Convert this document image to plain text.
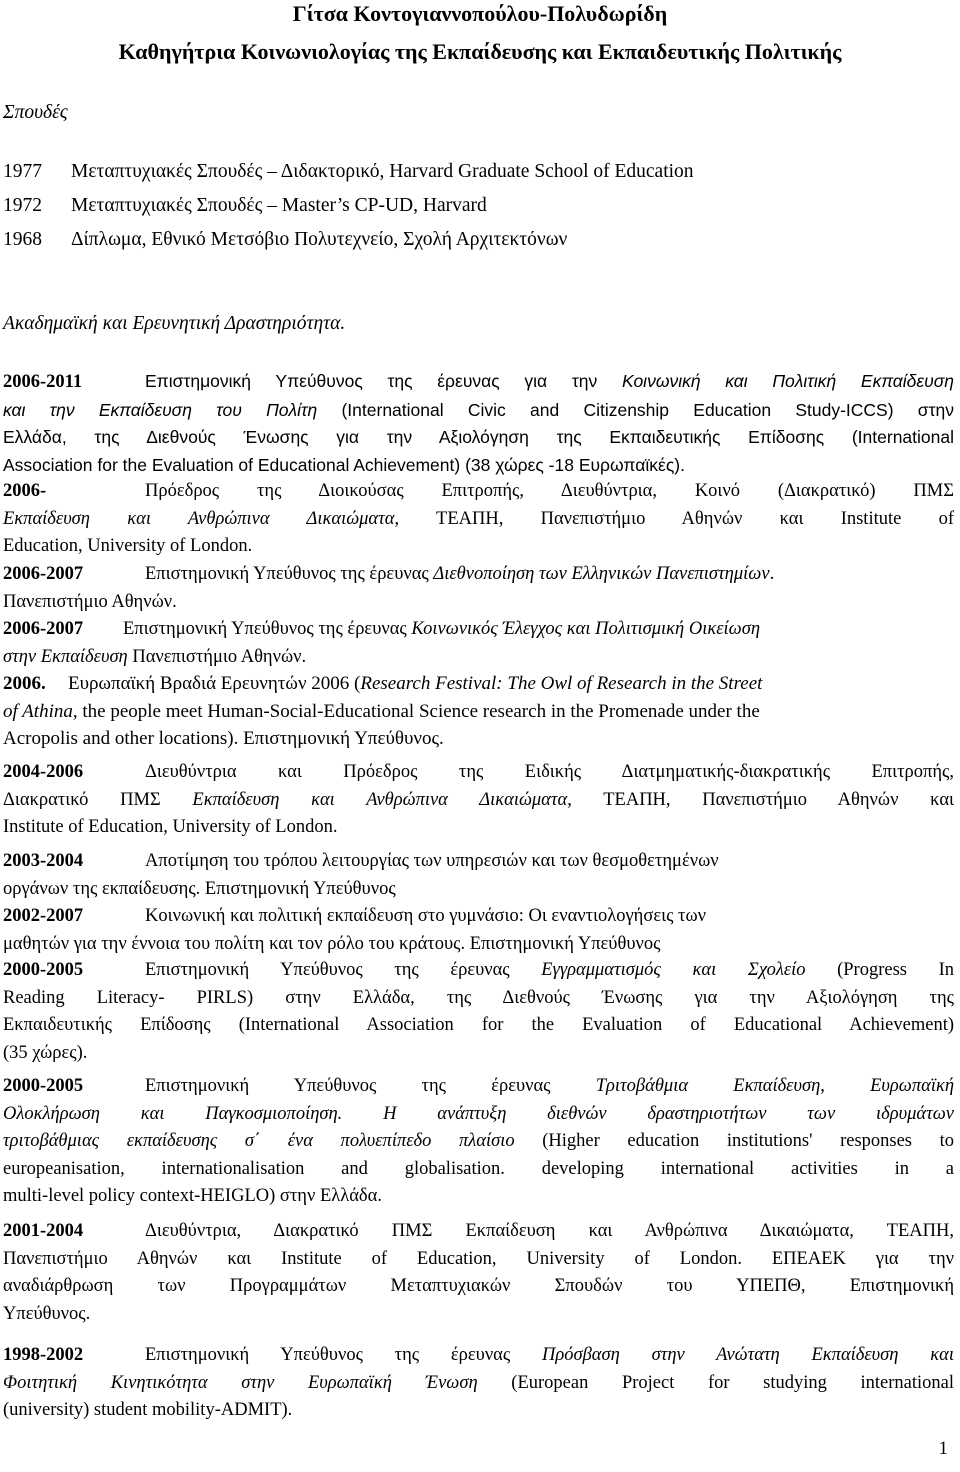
Γίτσα Κοντογιαννοπούλου-Πολυδωρίδη
Καθηγήτρια Κοινωνιολογίας της Εκπαίδευσης και Εκπαιδευτικής Πολιτικής
Σπουδές
1977 Μεταπτυχιακές Σπουδές – Διδακτορικό, Harvard Graduate School of Education
1972 Μεταπτυχιακές Σπουδές – Master’s CP-UD, Harvard
1968 Δίπλωμα, Εθνικό Μετσόβιο Πολυτεχνείο, Σχολή Αρχιτεκτόνων
Ακαδημαϊκή και Ερευνητική Δραστηριότητα.
2006-2011	Επιστημονική Υπεύθυνος της έρευνας για την Κοινωνική και Πολιτική Εκπαίδευση
και την Εκπαίδευση του Πολίτη (International Civic and Citizenship Education Study-ICCS) στην
Ελλάδα, της Διεθνούς Ένωσης για την Αξιολόγηση της Εκπαιδευτικής Επίδοσης (International
Association for the Evaluation of Educational Achievement) (38 χώρες -18 Ευρωπαϊκές).
2006-	Πρόεδρος της Διοικούσας Επιτροπής, Διευθύντρια, Κοινό (Διακρατικό) ΠΜΣ
Εκπαίδευση και Ανθρώπινα Δικαιώματα, ΤΕΑΠΗ, Πανεπιστήμιο Αθηνών και Institute of
Education, University of London.
2006-2007	Επιστημονική Υπεύθυνος της έρευνας Διεθνοποίηση των Ελληνικών Πανεπιστημίων.
Πανεπιστήμιο Αθηνών.
2006-2007 Επιστημονική Υπεύθυνος της έρευνας Κοινωνικός Έλεγχος και Πολιτισμική Οικείωση
στην Εκπαίδευση Πανεπιστήμιο Αθηνών.
2006. Ευρωπαϊκή Βραδιά Ερευνητών 2006 (Research Festival: The Owl of Research in the Street
of Athina, the people meet Human-Social-Educational Science research in the Promenade under the
Acropolis and other locations). Επιστημονική Υπεύθυνος.
2004-2006	Διευθύντρια και Πρόεδρος της Ειδικής Διατμηματικής-διακρατικής Επιτροπής,
Διακρατικό ΠΜΣ Εκπαίδευση και Ανθρώπινα Δικαιώματα, ΤΕΑΠΗ, Πανεπιστήμιο Αθηνών και
Institute of Education, University of London.
2003-2004	Αποτίμηση του τρόπου λειτουργίας των υπηρεσιών και των θεσμοθετημένων
οργάνων της εκπαίδευσης. Επιστημονική Υπεύθυνος
2002-2007	Κοινωνική και πολιτική εκπαίδευση στο γυμνάσιο: Οι εναντιολογήσεις των
μαθητών για την έννοια του πολίτη και τον ρόλο του κράτους. Επιστημονική Υπεύθυνος
2000-2005	Επιστημονική Υπεύθυνος της έρευνας Εγγραμματισμός και Σχολείο (Progress In
Reading Literacy- PIRLS) στην Ελλάδα, της Διεθνούς Ένωσης για την Αξιολόγηση της
Εκπαιδευτικής Επίδοσης (International Association for the Evaluation of Educational Achievement)
(35 χώρες).
2000-2005	Επιστημονική Υπεύθυνος της έρευνας Τριτοβάθμια Εκπαίδευση, Ευρωπαϊκή
Ολοκλήρωση και Παγκοσμιοποίηση. Η ανάπτυξη διεθνών δραστηριοτήτων των ιδρυμάτων
τριτοβάθμιας εκπαίδευσης σ΄ ένα πολυεπίπεδο πλαίσιο (Higher education institutions' responses to
europeanisation, internationalisation and globalisation. developing international activities in a
multi-level policy context-HEIGLO) στην Ελλάδα.
2001-2004	Διευθύντρια, Διακρατικό ΠΜΣ Εκπαίδευση και Ανθρώπινα Δικαιώματα, ΤΕΑΠΗ,
Πανεπιστήμιο Αθηνών και Institute of Education, University of London. ΕΠΕΑΕΚ για την
αναδιάρθρωση των Προγραμμάτων Μεταπτυχιακών Σπουδών του ΥΠΕΠΘ, Επιστημονική
Υπεύθυνος.
1998-2002	Επιστημονική Υπεύθυνος της έρευνας Πρόσβαση στην Ανώτατη Εκπαίδευση και
Φοιτητική Κινητικότητα στην Ευρωπαϊκή Ένωση (European Project for studying international
(university) student mobility-ADMIT).
1
